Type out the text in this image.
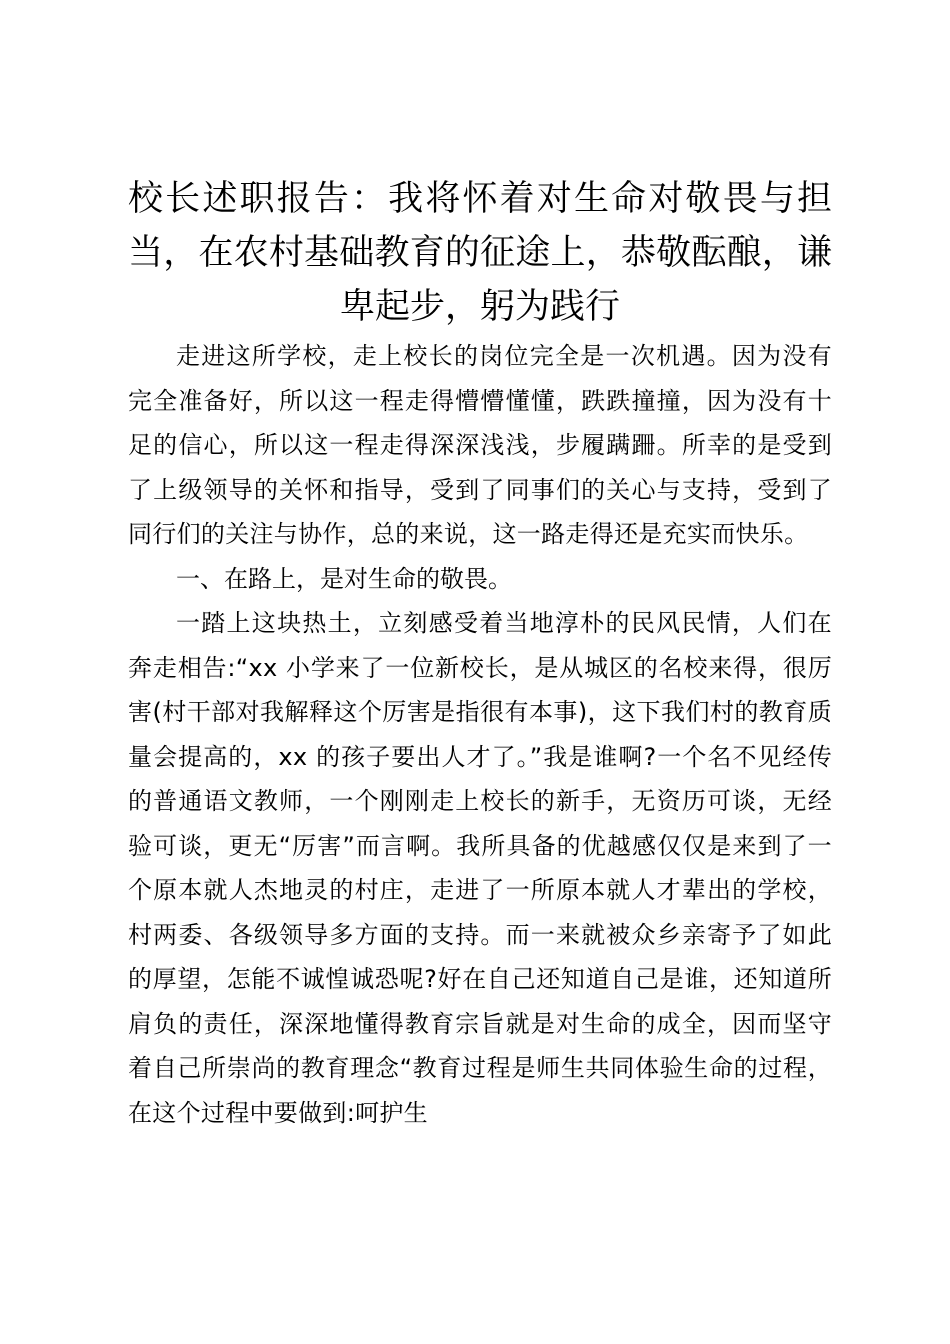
校长述职报告：我将怀着对生命对敬畏与担当，在农村基础教育的征途上，恭敬酝酿，谦卑起步，躬为践行

走进这所学校，走上校长的岗位完全是一次机遇。因为没有完全准备好，所以这一程走得懵懵懂懂，跌跌撞撞，因为没有十足的信心，所以这一程走得深深浅浅，步履蹒跚。所幸的是受到了上级领导的关怀和指导，受到了同事们的关心与支持，受到了同行们的关注与协作，总的来说，这一路走得还是充实而快乐。

一、在路上，是对生命的敬畏。

一踏上这块热土，立刻感受着当地淳朴的民风民情，人们在奔走相告:“xx 小学来了一位新校长，是从城区的名校来得，很厉害(村干部对我解释这个厉害是指很有本事)，这下我们村的教育质量会提高的，xx 的孩子要出人才了。”我是谁啊?一个名不见经传的普通语文教师，一个刚刚走上校长的新手，无资历可谈，无经验可谈，更无“厉害”而言啊。我所具备的优越感仅仅是来到了一个原本就人杰地灵的村庄，走进了一所原本就人才辈出的学校，村两委、各级领导多方面的支持。而一来就被众乡亲寄予了如此的厚望，怎能不诚惶诚恐呢?好在自己还知道自己是谁，还知道所肩负的责任，深深地懂得教育宗旨就是对生命的成全，因而坚守着自己所崇尚的教育理念“教育过程是师生共同体验生命的过程，在这个过程中要做到:呵护生
